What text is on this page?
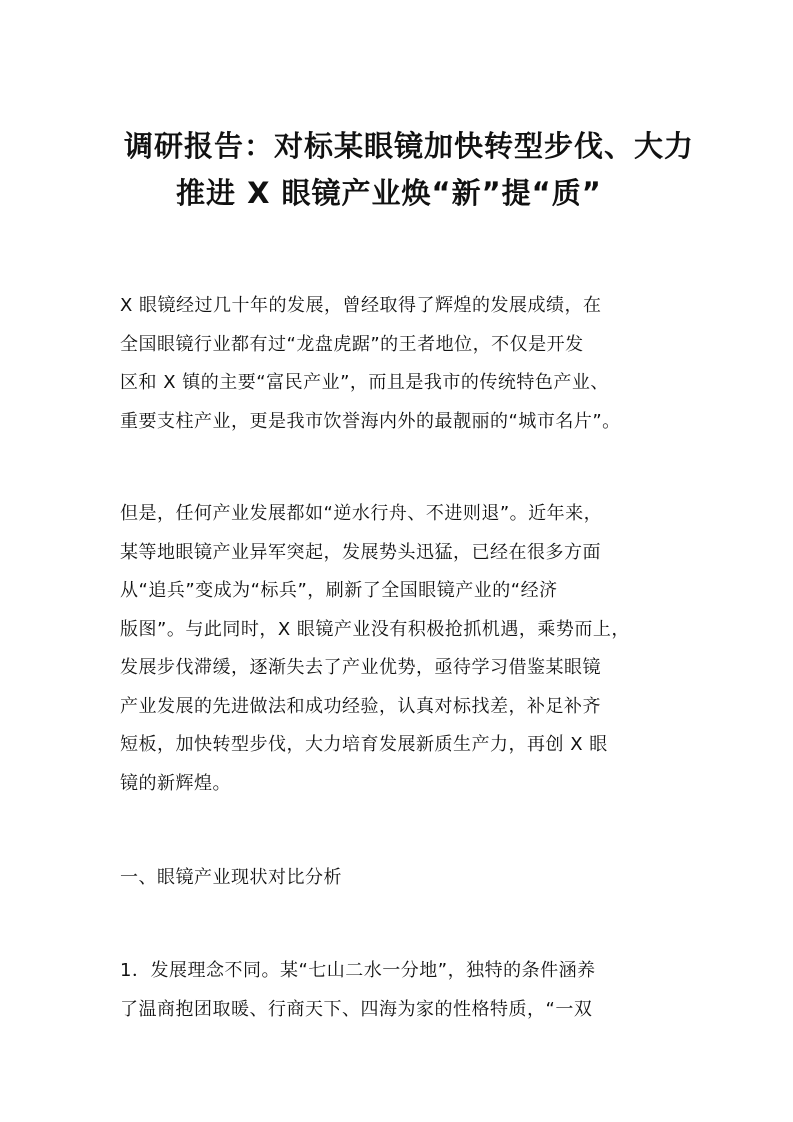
调研报告：对标某眼镜加快转型步伐、大力
推进 X 眼镜产业焕“新”提“质”
X 眼镜经过几十年的发展，曾经取得了辉煌的发展成绩，在
全国眼镜行业都有过“龙盘虎踞”的王者地位，不仅是开发
区和 X 镇的主要“富民产业”，而且是我市的传统特色产业、
重要支柱产业，更是我市饮誉海内外的最靓丽的“城市名片”。
但是，任何产业发展都如“逆水行舟、不进则退”。近年来，
某等地眼镜产业异军突起，发展势头迅猛，已经在很多方面
从“追兵”变成为“标兵”，刷新了全国眼镜产业的“经济
版图”。与此同时，X 眼镜产业没有积极抢抓机遇，乘势而上，
发展步伐滞缓，逐渐失去了产业优势，亟待学习借鉴某眼镜
产业发展的先进做法和成功经验，认真对标找差，补足补齐
短板，加快转型步伐，大力培育发展新质生产力，再创 X 眼
镜的新辉煌。
一、眼镜产业现状对比分析
1．发展理念不同。某“七山二水一分地”，独特的条件涵养
了温商抱团取暖、行商天下、四海为家的性格特质，“一双
